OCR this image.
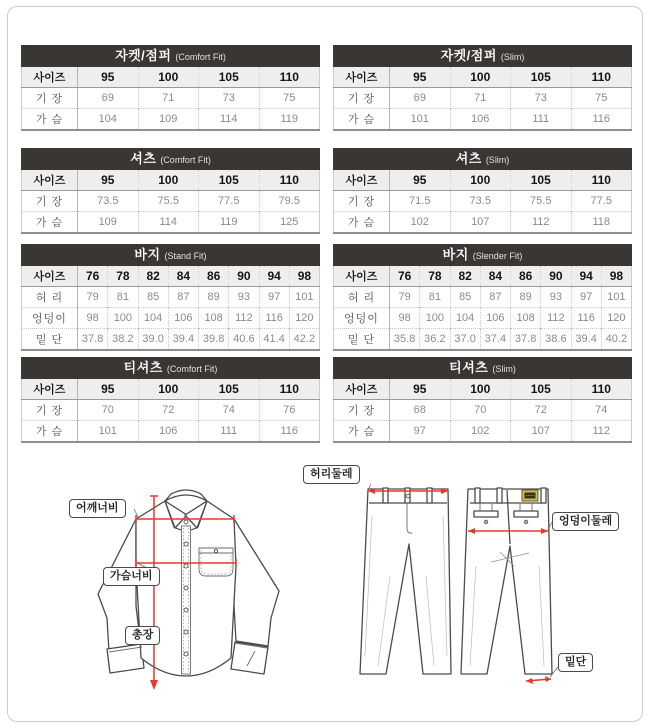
자켓/점퍼 (Comfort Fit)
사이즈	95	100	105	110
기 장	69	71	73	75
가 슴	104	109	114	119
자켓/점퍼 (Slim)
사이즈	95	100	105	110
기 장	69	71	73	75
가 슴	101	106	111	116
셔츠 (Comfort Fit)
사이즈	95	100	105	110
기 장	73.5	75.5	77.5	79.5
가 슴	109	114	119	125
셔츠 (Slim)
사이즈	95	100	105	110
기 장	71.5	73.5	75.5	77.5
가 슴	102	107	112	118
바지 (Stand Fit)
사이즈	76	78	82	84	86	90	94	98
허 리	79	81	85	87	89	93	97	101
엉덩이	98	100	104	106	108	112	116	120
밑 단	37.8	38.2	39.0	39.4	39.8	40.6	41.4	42.2
바지 (Slender Fit)
사이즈	76	78	82	84	86	90	94	98
허 리	79	81	85	87	89	93	97	101
엉덩이	98	100	104	106	108	112	116	120
밑 단	35.8	36.2	37.0	37.4	37.8	38.6	39.4	40.2
티셔츠 (Comfort Fit)
사이즈	95	100	105	110
기 장	70	72	74	76
가 슴	101	106	111	116
티셔츠 (Slim)
사이즈	95	100	105	110
기 장	68	70	72	74
가 슴	97	102	107	112
어깨너비
가슴너비
총장
허리둘레
엉덩이둘레
밑단
